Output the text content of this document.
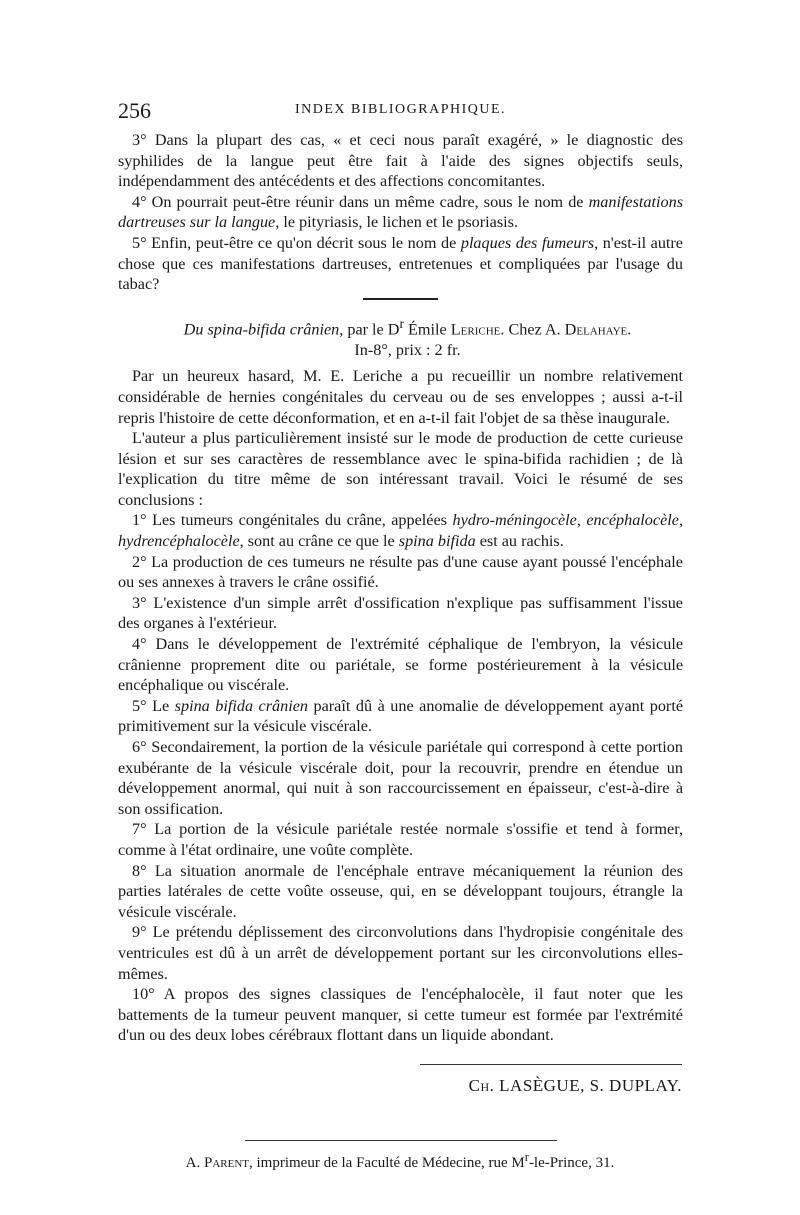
256	INDEX BIBLIOGRAPHIQUE.

3° Dans la plupart des cas, « et ceci nous paraît exagéré, » le diagnostic des syphilides de la langue peut être fait à l'aide des signes objectifs seuls, indépendamment des antécédents et des affections concomitantes.

4° On pourrait peut-être réunir dans un même cadre, sous le nom de manifestations dartreuses sur la langue, le pityriasis, le lichen et le psoriasis.

5° Enfin, peut-être ce qu'on décrit sous le nom de plaques des fumeurs, n'est-il autre chose que ces manifestations dartreuses, entretenues et compliquées par l'usage du tabac?

Du spina-bifida crânien, par le $D^r$ Émile Leriche. Chez A. Delahaye.

In-8°, prix : 2 fr.

Par un heureux hasard, M. E. Leriche a pu recueillir un nombre relativement considérable de hernies congénitales du cerveau ou de ses enveloppes ; aussi a-t-il repris l'histoire de cette déconformation, et en a-t-il fait l'objet de sa thèse inaugurale.

L'auteur a plus particulièrement insisté sur le mode de production de cette curieuse lésion et sur ses caractères de ressemblance avec le spina-bifida rachidien ; de là l'explication du titre même de son intéressant travail. Voici le résumé de ses conclusions :

1° Les tumeurs congénitales du crâne, appelées hydro-méningocèle, encéphalocèle, hydrencéphalocèle, sont au crâne ce que le spina bifida est au rachis.

2° La production de ces tumeurs ne résulte pas d'une cause ayant poussé l'encéphale ou ses annexes à travers le crâne ossifié.

3° L'existence d'un simple arrêt d'ossification n'explique pas suffisamment l'issue des organes à l'extérieur.

4° Dans le développement de l'extrémité céphalique de l'embryon, la vésicule crânienne proprement dite ou pariétale, se forme postérieurement à la vésicule encéphalique ou viscérale.

5° Le spina bifida crânien paraît dû à une anomalie de développement ayant porté primitivement sur la vésicule viscérale.

6° Secondairement, la portion de la vésicule pariétale qui correspond à cette portion exubérante de la vésicule viscérale doit, pour la recouvrir, prendre en étendue un développement anormal, qui nuit à son raccourcissement en épaisseur, c'est-à-dire à son ossification.

7° La portion de la vésicule pariétale restée normale s'ossifie et tend à former, comme à l'état ordinaire, une voûte complète.

8° La situation anormale de l'encéphale entrave mécaniquement la réunion des parties latérales de cette voûte osseuse, qui, en se développant toujours, étrangle la vésicule viscérale.

9° Le prétendu déplissement des circonvolutions dans l'hydropisie congénitale des ventricules est dû à un arrêt de développement portant sur les circonvolutions elles-mêmes.

10° A propos des signes classiques de l'encéphalocèle, il faut noter que les battements de la tumeur peuvent manquer, si cette tumeur est formée par l'extrémité d'un ou des deux lobes cérébraux flottant dans un liquide abondant.

Ch. LASÈGUE, S. DUPLAY.
A. Parent, imprimeur de la Faculté de Médecine, rue $M^r-le$-Prince, 31.
